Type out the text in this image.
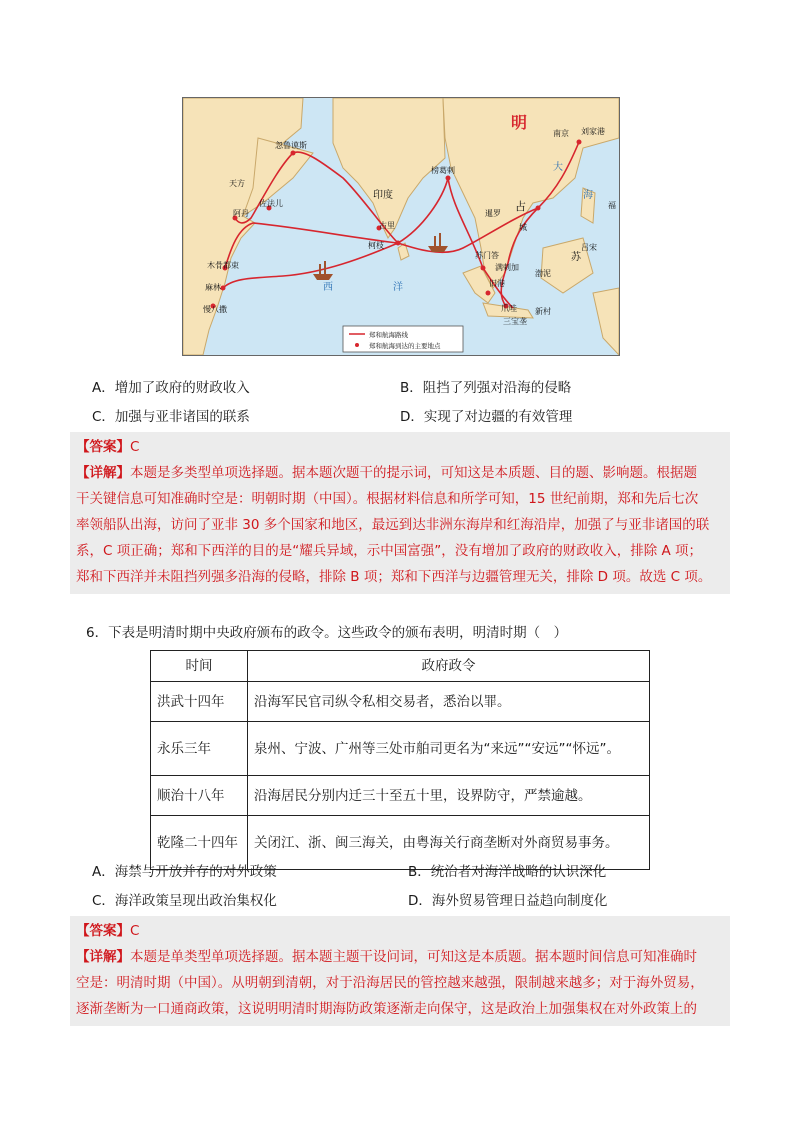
明
南京 刘家港
大
海
福
占
城
暹罗
满剌加
苏门答
旧港
爪哇
三宝垄
新村
吕宋
渤泥
苏
古里
柯枝
印度
榜葛剌
忽鲁谟斯
天方
阿丹
佐法儿
木骨都束
麻林
慢八撒
西	洋
郑和航海路线
郑和航海到达的主要地点
A．增加了政府的财政收入	B．阻挡了列强对沿海的侵略
C．加强与亚非诸国的联系	D．实现了对边疆的有效管理

【答案】C

【详解】本题是多类型单项选择题。据本题次题干的提示词，可知这是本质题、目的题、影响题。根据题
干关键信息可知准确时空是：明朝时期（中国）。根据材料信息和所学可知，15 世纪前期，郑和先后七次
率领船队出海，访问了亚非 30 多个国家和地区，最远到达非洲东海岸和红海沿岸，加强了与亚非诸国的联
系，C 项正确；郑和下西洋的目的是“耀兵异域，示中国富强”，没有增加了政府的财政收入，排除 A 项；
郑和下西洋并未阻挡列强多沿海的侵略，排除 B 项；郑和下西洋与边疆管理无关，排除 D 项。故选 C 项。

6．下表是明清时期中央政府颁布的政令。这些政令的颁布表明，明清时期（　）
时间	政府政令
洪武十四年	沿海军民官司纵令私相交易者，悉治以罪。
永乐三年	泉州、宁波、广州等三处市舶司更名为“来远”“安远”“怀远”。
顺治十八年	沿海居民分别内迁三十至五十里，设界防守，严禁逾越。
乾隆二十四年	关闭江、浙、闽三海关，由粤海关行商垄断对外商贸易事务。
A．海禁与开放并存的对外政策	B．统治者对海洋战略的认识深化
C．海洋政策呈现出政治集权化	D．海外贸易管理日益趋向制度化

【答案】C

【详解】本题是单类型单项选择题。据本题主题干设问词，可知这是本质题。据本题时间信息可知准确时
空是：明清时期（中国）。从明朝到清朝，对于沿海居民的管控越来越强，限制越来越多；对于海外贸易，
逐渐垄断为一口通商政策，这说明明清时期海防政策逐渐走向保守，这是政治上加强集权在对外政策上的
